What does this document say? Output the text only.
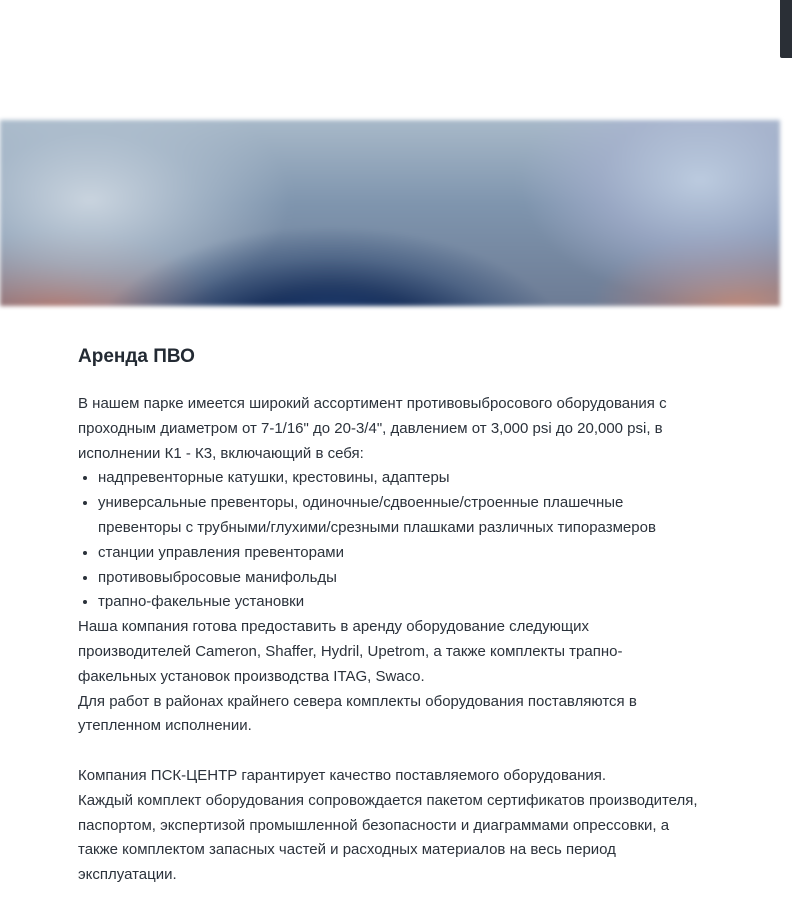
Аренда ПВО

В нашем парке имеется широкий ассортимент противовыбросового оборудования с проходным диаметром от 7-1/16" до 20-3/4", давлением от 3,000 psi до 20,000 psi, в исполнении К1 - К3, включающий в себя:

• надпревенторные катушки, крестовины, адаптеры
• универсальные превенторы, одиночные/сдвоенные/строенные плашечные превенторы с трубными/глухими/срезными плашками различных типоразмеров
• станции управления превенторами
• противовыбросовые манифольды
• трапно-факельные установки

Наша компания готова предоставить в аренду оборудование следующих производителей Cameron, Shaffer, Hydril, Upetrom, а также комплекты трапно-факельных установок производства ITAG, Swaco.

Для работ в районах крайнего севера комплекты оборудования поставляются в утепленном исполнении.

Компания ПСК-ЦЕНТР гарантирует качество поставляемого оборудования.

Каждый комплект оборудования сопровождается пакетом сертификатов производителя, паспортом, экспертизой промышленной безопасности и диаграммами опрессовки, а также комплектом запасных частей и расходных материалов на весь период эксплуатации.
